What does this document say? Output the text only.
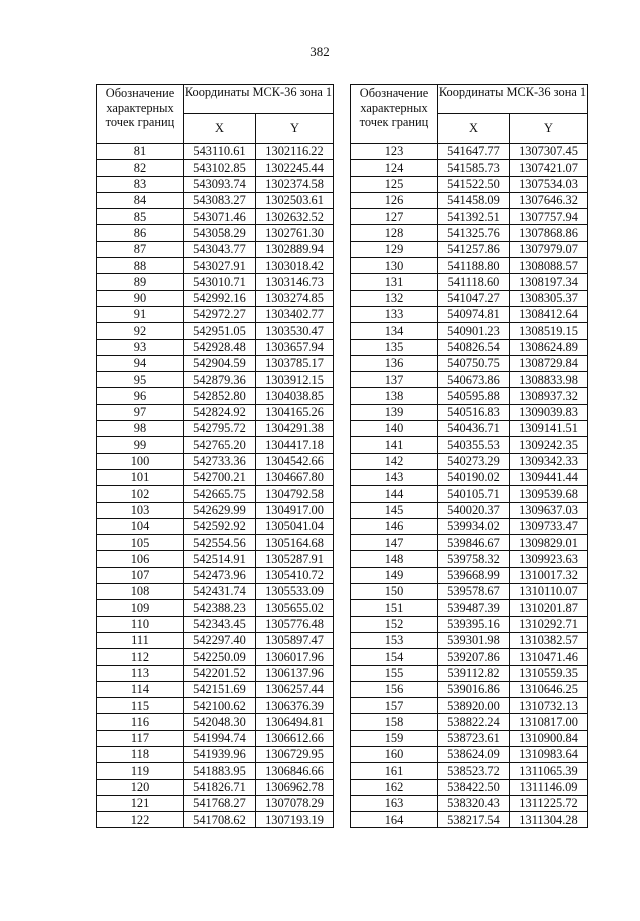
382
Обозначение характерных точек границ	Координаты МСК-36 зона 1	
	X	Y
81	543110.61	1302116.22
82	543102.85	1302245.44
83	543093.74	1302374.58
84	543083.27	1302503.61
85	543071.46	1302632.52
86	543058.29	1302761.30
87	543043.77	1302889.94
88	543027.91	1303018.42
89	543010.71	1303146.73
90	542992.16	1303274.85
91	542972.27	1303402.77
92	542951.05	1303530.47
93	542928.48	1303657.94
94	542904.59	1303785.17
95	542879.36	1303912.15
96	542852.80	1304038.85
97	542824.92	1304165.26
98	542795.72	1304291.38
99	542765.20	1304417.18
100	542733.36	1304542.66
101	542700.21	1304667.80
102	542665.75	1304792.58
103	542629.99	1304917.00
104	542592.92	1305041.04
105	542554.56	1305164.68
106	542514.91	1305287.91
107	542473.96	1305410.72
108	542431.74	1305533.09
109	542388.23	1305655.02
110	542343.45	1305776.48
111	542297.40	1305897.47
112	542250.09	1306017.96
113	542201.52	1306137.96
114	542151.69	1306257.44
115	542100.62	1306376.39
116	542048.30	1306494.81
117	541994.74	1306612.66
118	541939.96	1306729.95
119	541883.95	1306846.66
120	541826.71	1306962.78
121	541768.27	1307078.29
122	541708.62	1307193.19
Обозначение характерных точек границ	Координаты МСК-36 зона 1	
	X	Y
123	541647.77	1307307.45
124	541585.73	1307421.07
125	541522.50	1307534.03
126	541458.09	1307646.32
127	541392.51	1307757.94
128	541325.76	1307868.86
129	541257.86	1307979.07
130	541188.80	1308088.57
131	541118.60	1308197.34
132	541047.27	1308305.37
133	540974.81	1308412.64
134	540901.23	1308519.15
135	540826.54	1308624.89
136	540750.75	1308729.84
137	540673.86	1308833.98
138	540595.88	1308937.32
139	540516.83	1309039.83
140	540436.71	1309141.51
141	540355.53	1309242.35
142	540273.29	1309342.33
143	540190.02	1309441.44
144	540105.71	1309539.68
145	540020.37	1309637.03
146	539934.02	1309733.47
147	539846.67	1309829.01
148	539758.32	1309923.63
149	539668.99	1310017.32
150	539578.67	1310110.07
151	539487.39	1310201.87
152	539395.16	1310292.71
153	539301.98	1310382.57
154	539207.86	1310471.46
155	539112.82	1310559.35
156	539016.86	1310646.25
157	538920.00	1310732.13
158	538822.24	1310817.00
159	538723.61	1310900.84
160	538624.09	1310983.64
161	538523.72	1311065.39
162	538422.50	1311146.09
163	538320.43	1311225.72
164	538217.54	1311304.28
